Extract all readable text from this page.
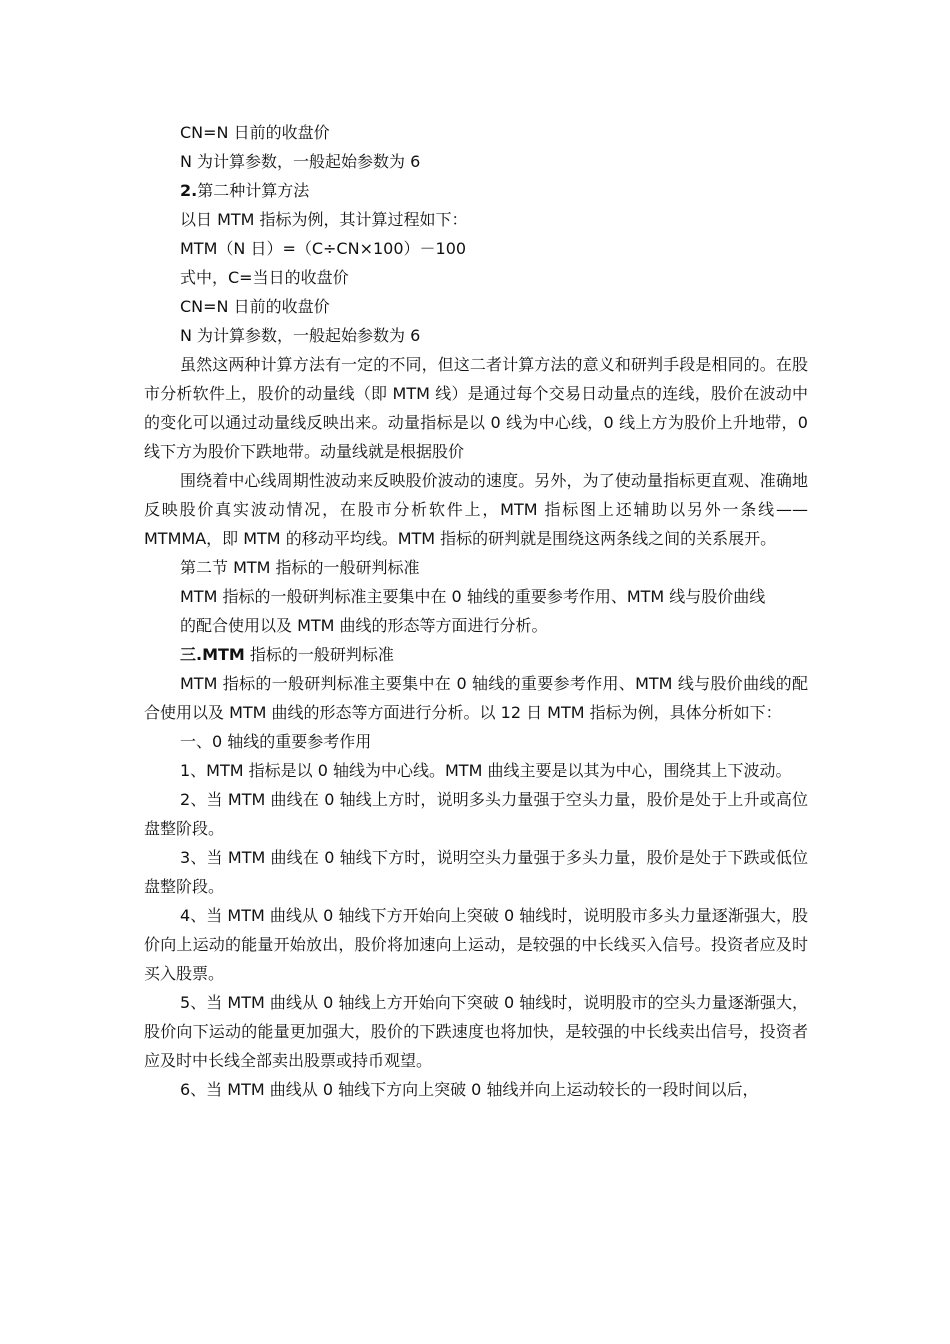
CN=N 日前的收盘价

N 为计算参数，一般起始参数为 6

2.第二种计算方法

以日 MTM 指标为例，其计算过程如下：

MTM（N 日）=（C÷CN×100）－100

式中，C=当日的收盘价

CN=N 日前的收盘价

N 为计算参数，一般起始参数为 6

虽然这两种计算方法有一定的不同，但这二者计算方法的意义和研判手段是相同的。在股市分析软件上，股价的动量线（即 MTM 线）是通过每个交易日动量点的连线，股价在波动中的变化可以通过动量线反映出来。动量指标是以 0 线为中心线，0 线上方为股价上升地带，0 线下方为股价下跌地带。动量线就是根据股价

围绕着中心线周期性波动来反映股价波动的速度。另外，为了使动量指标更直观、准确地反映股价真实波动情况，在股市分析软件上，MTM 指标图上还辅助以另外一条线——MTMMA，即 MTM 的移动平均线。MTM 指标的研判就是围绕这两条线之间的关系展开。

第二节 MTM 指标的一般研判标准

MTM 指标的一般研判标准主要集中在 0 轴线的重要参考作用、MTM 线与股价曲线

的配合使用以及 MTM 曲线的形态等方面进行分析。

三.MTM 指标的一般研判标准

MTM 指标的一般研判标准主要集中在 0 轴线的重要参考作用、MTM 线与股价曲线的配合使用以及 MTM 曲线的形态等方面进行分析。以 12 日 MTM 指标为例，具体分析如下：

一、0 轴线的重要参考作用

1、MTM 指标是以 0 轴线为中心线。MTM 曲线主要是以其为中心，围绕其上下波动。

2、当 MTM 曲线在 0 轴线上方时，说明多头力量强于空头力量，股价是处于上升或高位盘整阶段。

3、当 MTM 曲线在 0 轴线下方时，说明空头力量强于多头力量，股价是处于下跌或低位盘整阶段。

4、当 MTM 曲线从 0 轴线下方开始向上突破 0 轴线时，说明股市多头力量逐渐强大，股价向上运动的能量开始放出，股价将加速向上运动，是较强的中长线买入信号。投资者应及时买入股票。

5、当 MTM 曲线从 0 轴线上方开始向下突破 0 轴线时，说明股市的空头力量逐渐强大，股价向下运动的能量更加强大，股价的下跌速度也将加快，是较强的中长线卖出信号，投资者应及时中长线全部卖出股票或持币观望。

6、当 MTM 曲线从 0 轴线下方向上突破 0 轴线并向上运动较长的一段时间以后，
